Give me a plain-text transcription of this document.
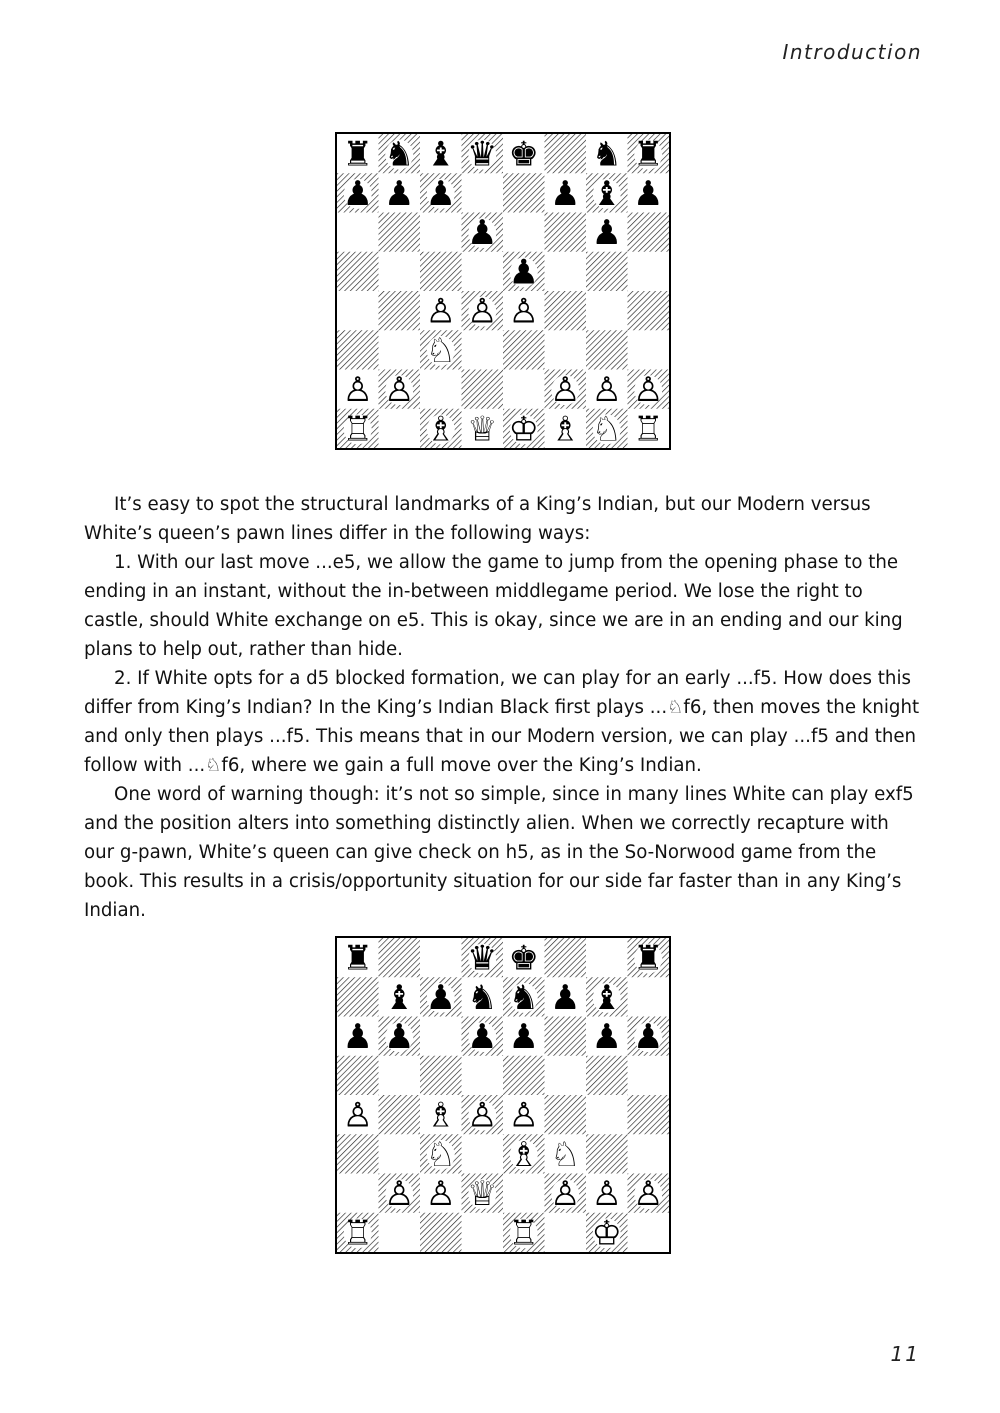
Introduction
♜ ♞ ♝ ♛ ♚ ♞ ♜
♟ ♟ ♟	♟ ♝ ♟
♟	♟
♟
♙ ♙ ♙
♘
♙ ♙	♙ ♙ ♙
♖ ♗ ♕ ♔ ♗ ♘ ♖

It’s easy to spot the structural landmarks of a King’s Indian, but our Modern versus White’s queen’s pawn lines differ in the following ways:

1. With our last move ...e5, we allow the game to jump from the opening phase to the ending in an instant, without the in-between middlegame period. We lose the right to castle, should White exchange on e5. This is okay, since we are in an ending and our king plans to help out, rather than hide.

2. If White opts for a d5 blocked formation, we can play for an early ...f5. How does this differ from King’s Indian? In the King’s Indian Black first plays ...♘f6, then moves the knight and only then plays ...f5. This means that in our Modern version, we can play ...f5 and then follow with ...♘f6, where we gain a full move over the King’s Indian.

One word of warning though: it’s not so simple, since in many lines White can play exf5 and the position alters into something distinctly alien. When we correctly recapture with our g-pawn, White’s queen can give check on h5, as in the So-Norwood game from the book. This results in a crisis/opportunity situation for our side far faster than in any King’s Indian.

♜	♛ ♚	♜
♝ ♟ ♞ ♞ ♟ ♝
♟ ♟ ♟ ♟ ♟ ♟
♙ ♗ ♙ ♙
♘ ♗ ♘
♙ ♙ ♕ ♙ ♙ ♙
♖	♖ ♔
11
